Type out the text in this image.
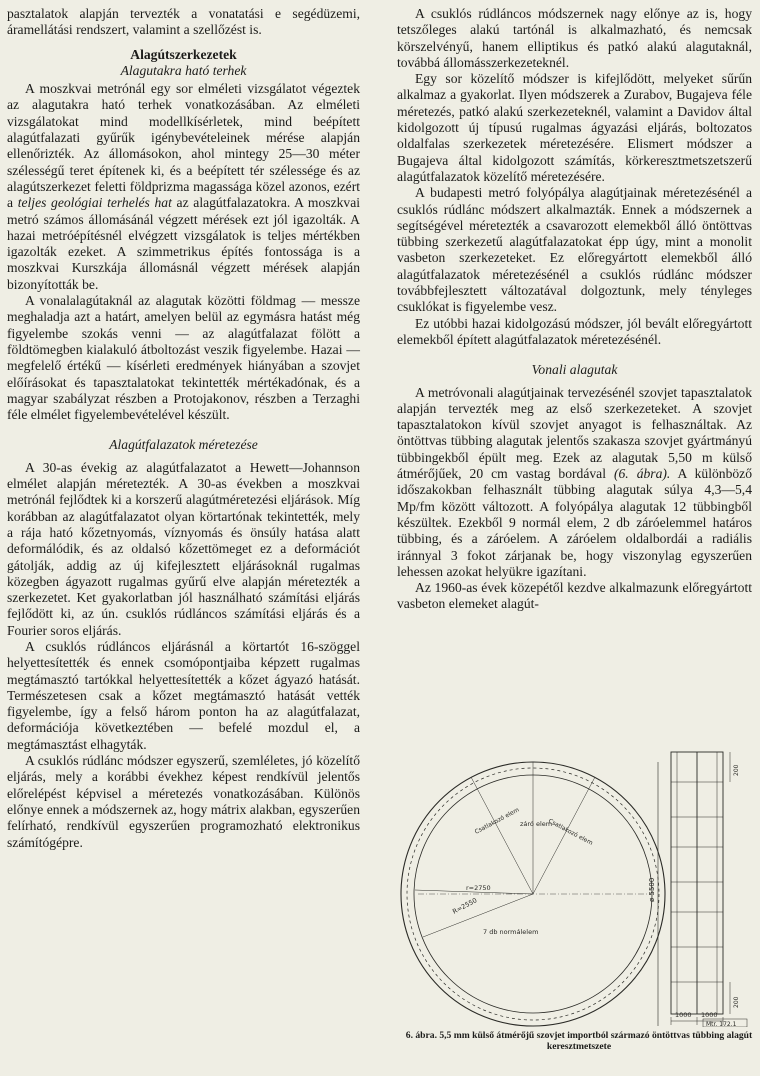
pasztalatok alapján tervezték a vonatatási e segédüzemi, áramellátási rendszert, valamint a szellőzést is.

Alagútszerkezetek
Alagutakra ható terhek

A moszkvai metrónál egy sor elméleti vizsgálatot végeztek az alagutakra ható terhek vonatkozásában. Az elméleti vizsgálatokat mind modellkísérletek, mind beépített alagútfalazati gyűrűk igénybevételeinek mérése alapján ellenőrizték. Az állomásokon, ahol mintegy 25—30 méter szélességű teret építenek ki, és a beépített tér szélessége és az alagútszerkezet feletti földprizma magassága közel azonos, ezért a teljes geológiai terhelés hat az alagútfalazatokra. A moszkvai metró számos állomásánál végzett mérések ezt jól igazolták. A hazai metróépítésnél elvégzett vizsgálatok is teljes mértékben igazolták ezeket. A szimmetrikus építés fontossága is a moszkvai Kurszkája állomásnál végzett mérések alapján bizonyították be.

A vonalalagútaknál az alagutak közötti földmag — messze meghaladja azt a határt, amelyen belül az egymásra hatást még figyelembe szokás venni — az alagútfalazat fölött a földtömegben kialakuló átboltozást veszik figyelembe. Hazai — megfelelő értékű — kísérleti eredmények hiányában a szovjet előírásokat és tapasztalatokat tekintették mértékadónak, és a magyar szabályzat részben a Protojakonov, részben a Terzaghi féle elmélet figyelembevételével készült.

Alagútfalazatok méretezése

A 30-as évekig az alagútfalazatot a Hewett—Johannson elmélet alapján méretezték. A 30-as években a moszkvai metrónál fejlődtek ki a korszerű alagútméretezési eljárások. Míg korábban az alagútfalazatot olyan körtartónak tekintették, mely a rája ható kőzetnyomás, víznyomás és önsúly hatása alatt deformálódik, és az oldalsó kőzettömeget ez a deformációt gátolják, addig az új kifejlesztett eljárásoknál rugalmas közegben ágyazott rugalmas gyűrű elve alapján méretezték a szerkezetet. Ket gyakorlatban jól használható számítási eljárás fejlődött ki, az ún. csuklós rúdláncos számítási eljárás és a Fourier soros eljárás.

A csuklós rúdláncos eljárásnál a körtartót 16-szöggel helyettesítették és ennek csomópontjaiba képzett rugalmas megtámasztó tartókkal helyettesítették a kőzet ágyazó hatását. Természetesen csak a kőzet megtámasztó hatását vették figyelembe, így a felső három ponton ha az alagútfalazat, deformációja következtében — befelé mozdul el, a megtámasztást elhagyták.

A csuklós rúdlánc módszer egyszerű, szemléletes, jó közelítő eljárás, mely a korábbi évekhez képest rendkívül jelentős előrelépést képvisel a méretezés vonatkozásában. Különös előnye ennek a módszernek az, hogy mátrix alakban, egyszerűen felírható, rendkívül egyszerűen programozható elektronikus számítógépre.

A csuklós rúdláncos módszernek nagy előnye az is, hogy tetszőleges alakú tartónál is alkalmazható, és nemcsak körszelvényű, hanem elliptikus és patkó alakú alagutaknál, továbbá állomásszerkezeteknél.

Egy sor közelítő módszer is kifejlődött, melyeket sűrűn alkalmaz a gyakorlat. Ilyen módszerek a Zurabov, Bugajeva féle méretezés, patkó alakú szerkezeteknél, valamint a Davidov által kidolgozott új típusú rugalmas ágyazási eljárás, boltozatos oldalfalas szerkezetek méretezésére. Elismert módszer a Bugajeva által kidolgozott számítás, körkeresztmetszetszerű alagútfalazatok közelítő méretezésére.

A budapesti metró folyópálya alagútjainak méretezésénél a csuklós rúdlánc módszert alkalmazták. Ennek a módszernek a segítségével méretezték a csavarozott elemekből álló öntöttvas tübbing szerkezetű alagútfalazatokat épp úgy, mint a monolit vasbeton szerkezeteket. Ez előregyártott elemekből álló alagútfalazatok méretezésénél a csuklós rúdlánc módszer továbbfejlesztett változatával dolgoztunk, mely tényleges csuklókat is figyelembe vesz.

Ez utóbbi hazai kidolgozású módszer, jól bevált előregyártott elemekből épített alagútfalazatok méretezésénél.

Vonali alagutak

A metróvonali alagútjainak tervezésénél szovjet tapasztalatok alapján tervezték meg az első szerkezeteket. A szovjet tapasztalatokon kívül szovjet anyagot is felhasználtak. Az öntöttvas tübbing alagutak jelentős szakasza szovjet gyártmányú tübbingekből épült meg. Ezek az alagutak 5,50 m külső átmérőjűek, 20 cm vastag bordával (6. ábra). A különböző időszakokban felhasznált tübbing alagutak súlya 4,3—5,4 Mp/fm között változott. A folyópálya alagutak 12 tübbingből készültek. Ezekből 9 normál elem, 2 db záróelemmel határos tübbing, és a záróelem. A záróelem oldalbordái a radiális iránnyal 3 fokot zárjanak be, hogy viszonylag egyszerűen lehessen azokat helyükre igazítani.

Az 1960-as évek közepétől kezdve alkalmazunk előregyártott vasbeton elemeket alagút-

záró elem
Csatlakozó elem	Csatlakozó elem
r=2750
R=2550
7 db normálelem
ø 5500
1000 1000
200
200
Mtr. 172.1
6. ábra. 5,5 mm külső átmérőjű szovjet importból származó öntöttvas tübbing alagút keresztmetszete
